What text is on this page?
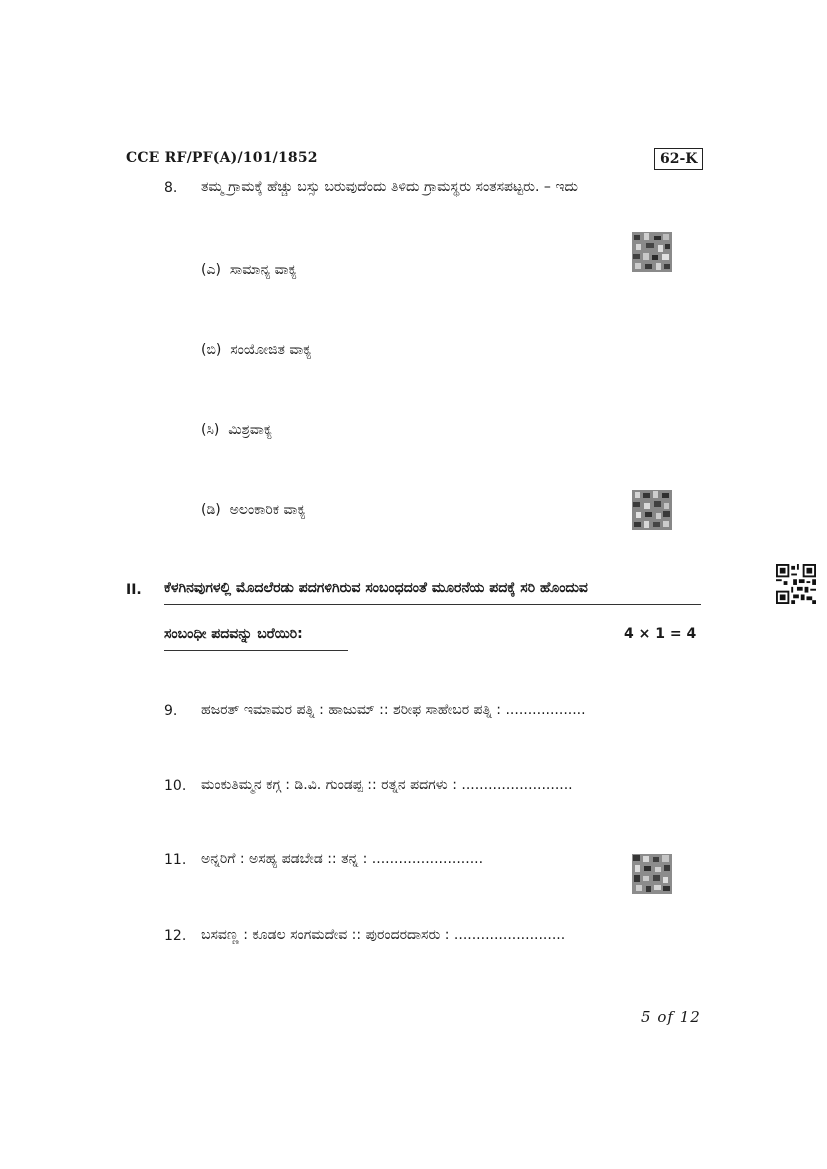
CCE RF/PF(A)/101/1852	62-K
8. ತಮ್ಮ ಗ್ರಾಮಕ್ಕೆ ಹೆಚ್ಚು ಬಸ್ಸು ಬರುವುದೆಂದು ತಿಳಿದು ಗ್ರಾಮಸ್ಥರು ಸಂತಸಪಟ್ಟರು. – ಇದು
(ಎ) ಸಾಮಾನ್ಯ ವಾಕ್ಯ
(ಬಿ) ಸಂಯೋಜಿತ ವಾಕ್ಯ
(ಸಿ) ಮಿಶ್ರವಾಕ್ಯ
(ಡಿ) ಅಲಂಕಾರಿಕ ವಾಕ್ಯ
II. ಕೆಳಗಿನವುಗಳಲ್ಲಿ ಮೊದಲೆರಡು ಪದಗಳಿಗಿರುವ ಸಂಬಂಧದಂತೆ ಮೂರನೆಯ ಪದಕ್ಕೆ ಸರಿ ಹೊಂದುವ
ಸಂಬಂಧೀ ಪದವನ್ನು ಬರೆಯಿರಿ:	4 × 1 = 4
9. ಹಜರತ್ ಇಮಾಮರ ಪತ್ನಿ : ಹಾಜುಮ್ :: ಶರೀಫ ಸಾಹೇಬರ ಪತ್ನಿ : ..................
10. ಮಂಕುತಿಮ್ಮನ ಕಗ್ಗ : ಡಿ.ವಿ. ಗುಂಡಪ್ಪ :: ರತ್ನನ ಪದಗಳು : .........................
11. ಅನ್ನರಿಗೆ : ಅಸಹ್ಯ ಪಡಬೇಡ :: ತನ್ನ : .........................
12. ಬಸವಣ್ಣ : ಕೂಡಲ ಸಂಗಮದೇವ :: ಪುರಂದರದಾಸರು : .........................
5 of 12
